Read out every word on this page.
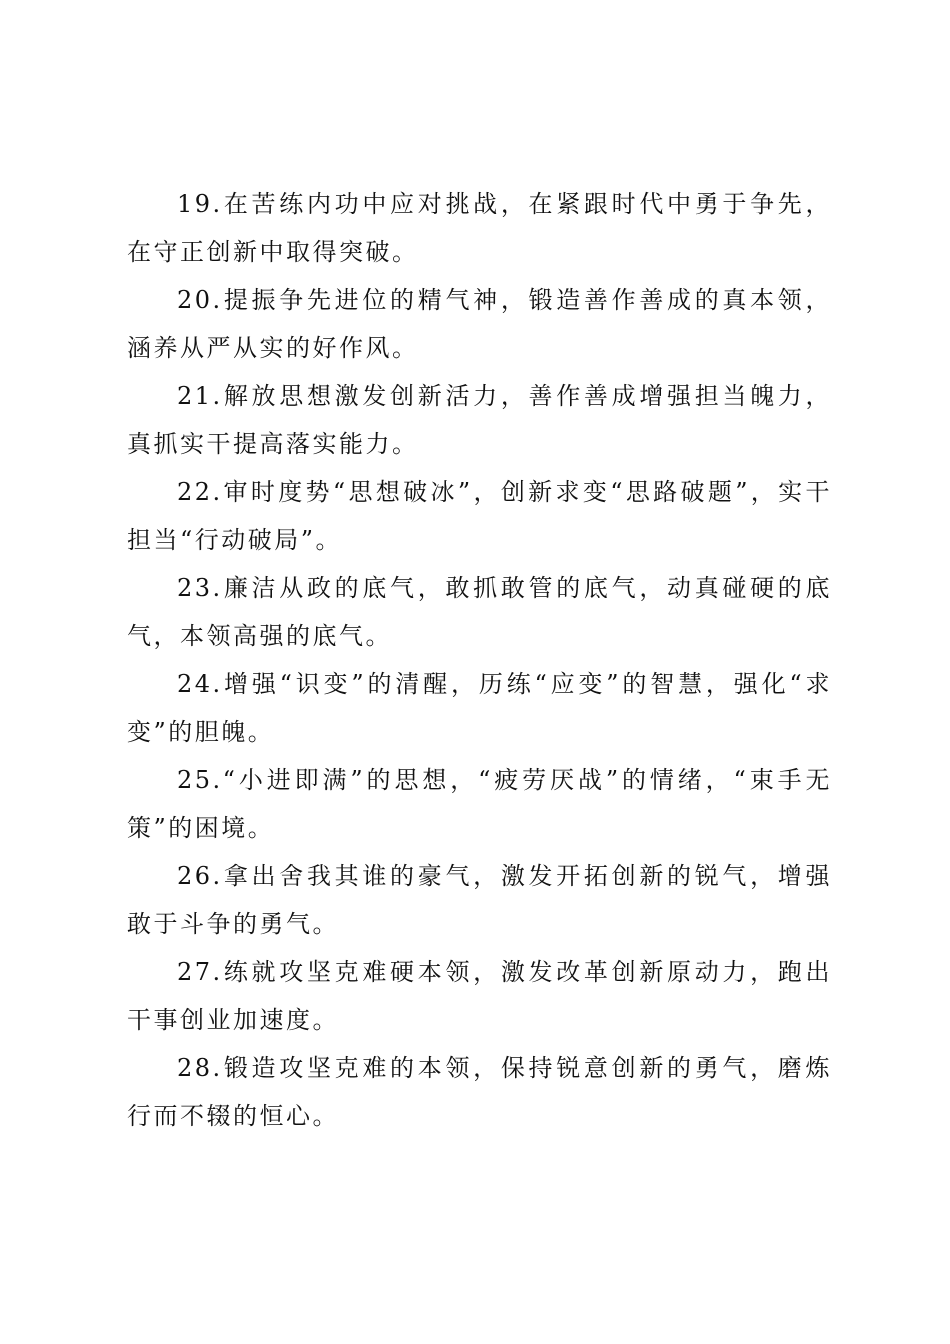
19.在苦练内功中应对挑战，在紧跟时代中勇于争先，在守正创新中取得突破。

20.提振争先进位的精气神，锻造善作善成的真本领，涵养从严从实的好作风。

21.解放思想激发创新活力，善作善成增强担当魄力，真抓实干提高落实能力。

22.审时度势“思想破冰”，创新求变“思路破题”，实干担当“行动破局”。

23.廉洁从政的底气，敢抓敢管的底气，动真碰硬的底气，本领高强的底气。

24.增强“识变”的清醒，历练“应变”的智慧，强化“求变”的胆魄。

25.“小进即满”的思想，“疲劳厌战”的情绪，“束手无策”的困境。

26.拿出舍我其谁的豪气，激发开拓创新的锐气，增强敢于斗争的勇气。

27.练就攻坚克难硬本领，激发改革创新原动力，跑出干事创业加速度。

28.锻造攻坚克难的本领，保持锐意创新的勇气，磨炼行而不辍的恒心。
